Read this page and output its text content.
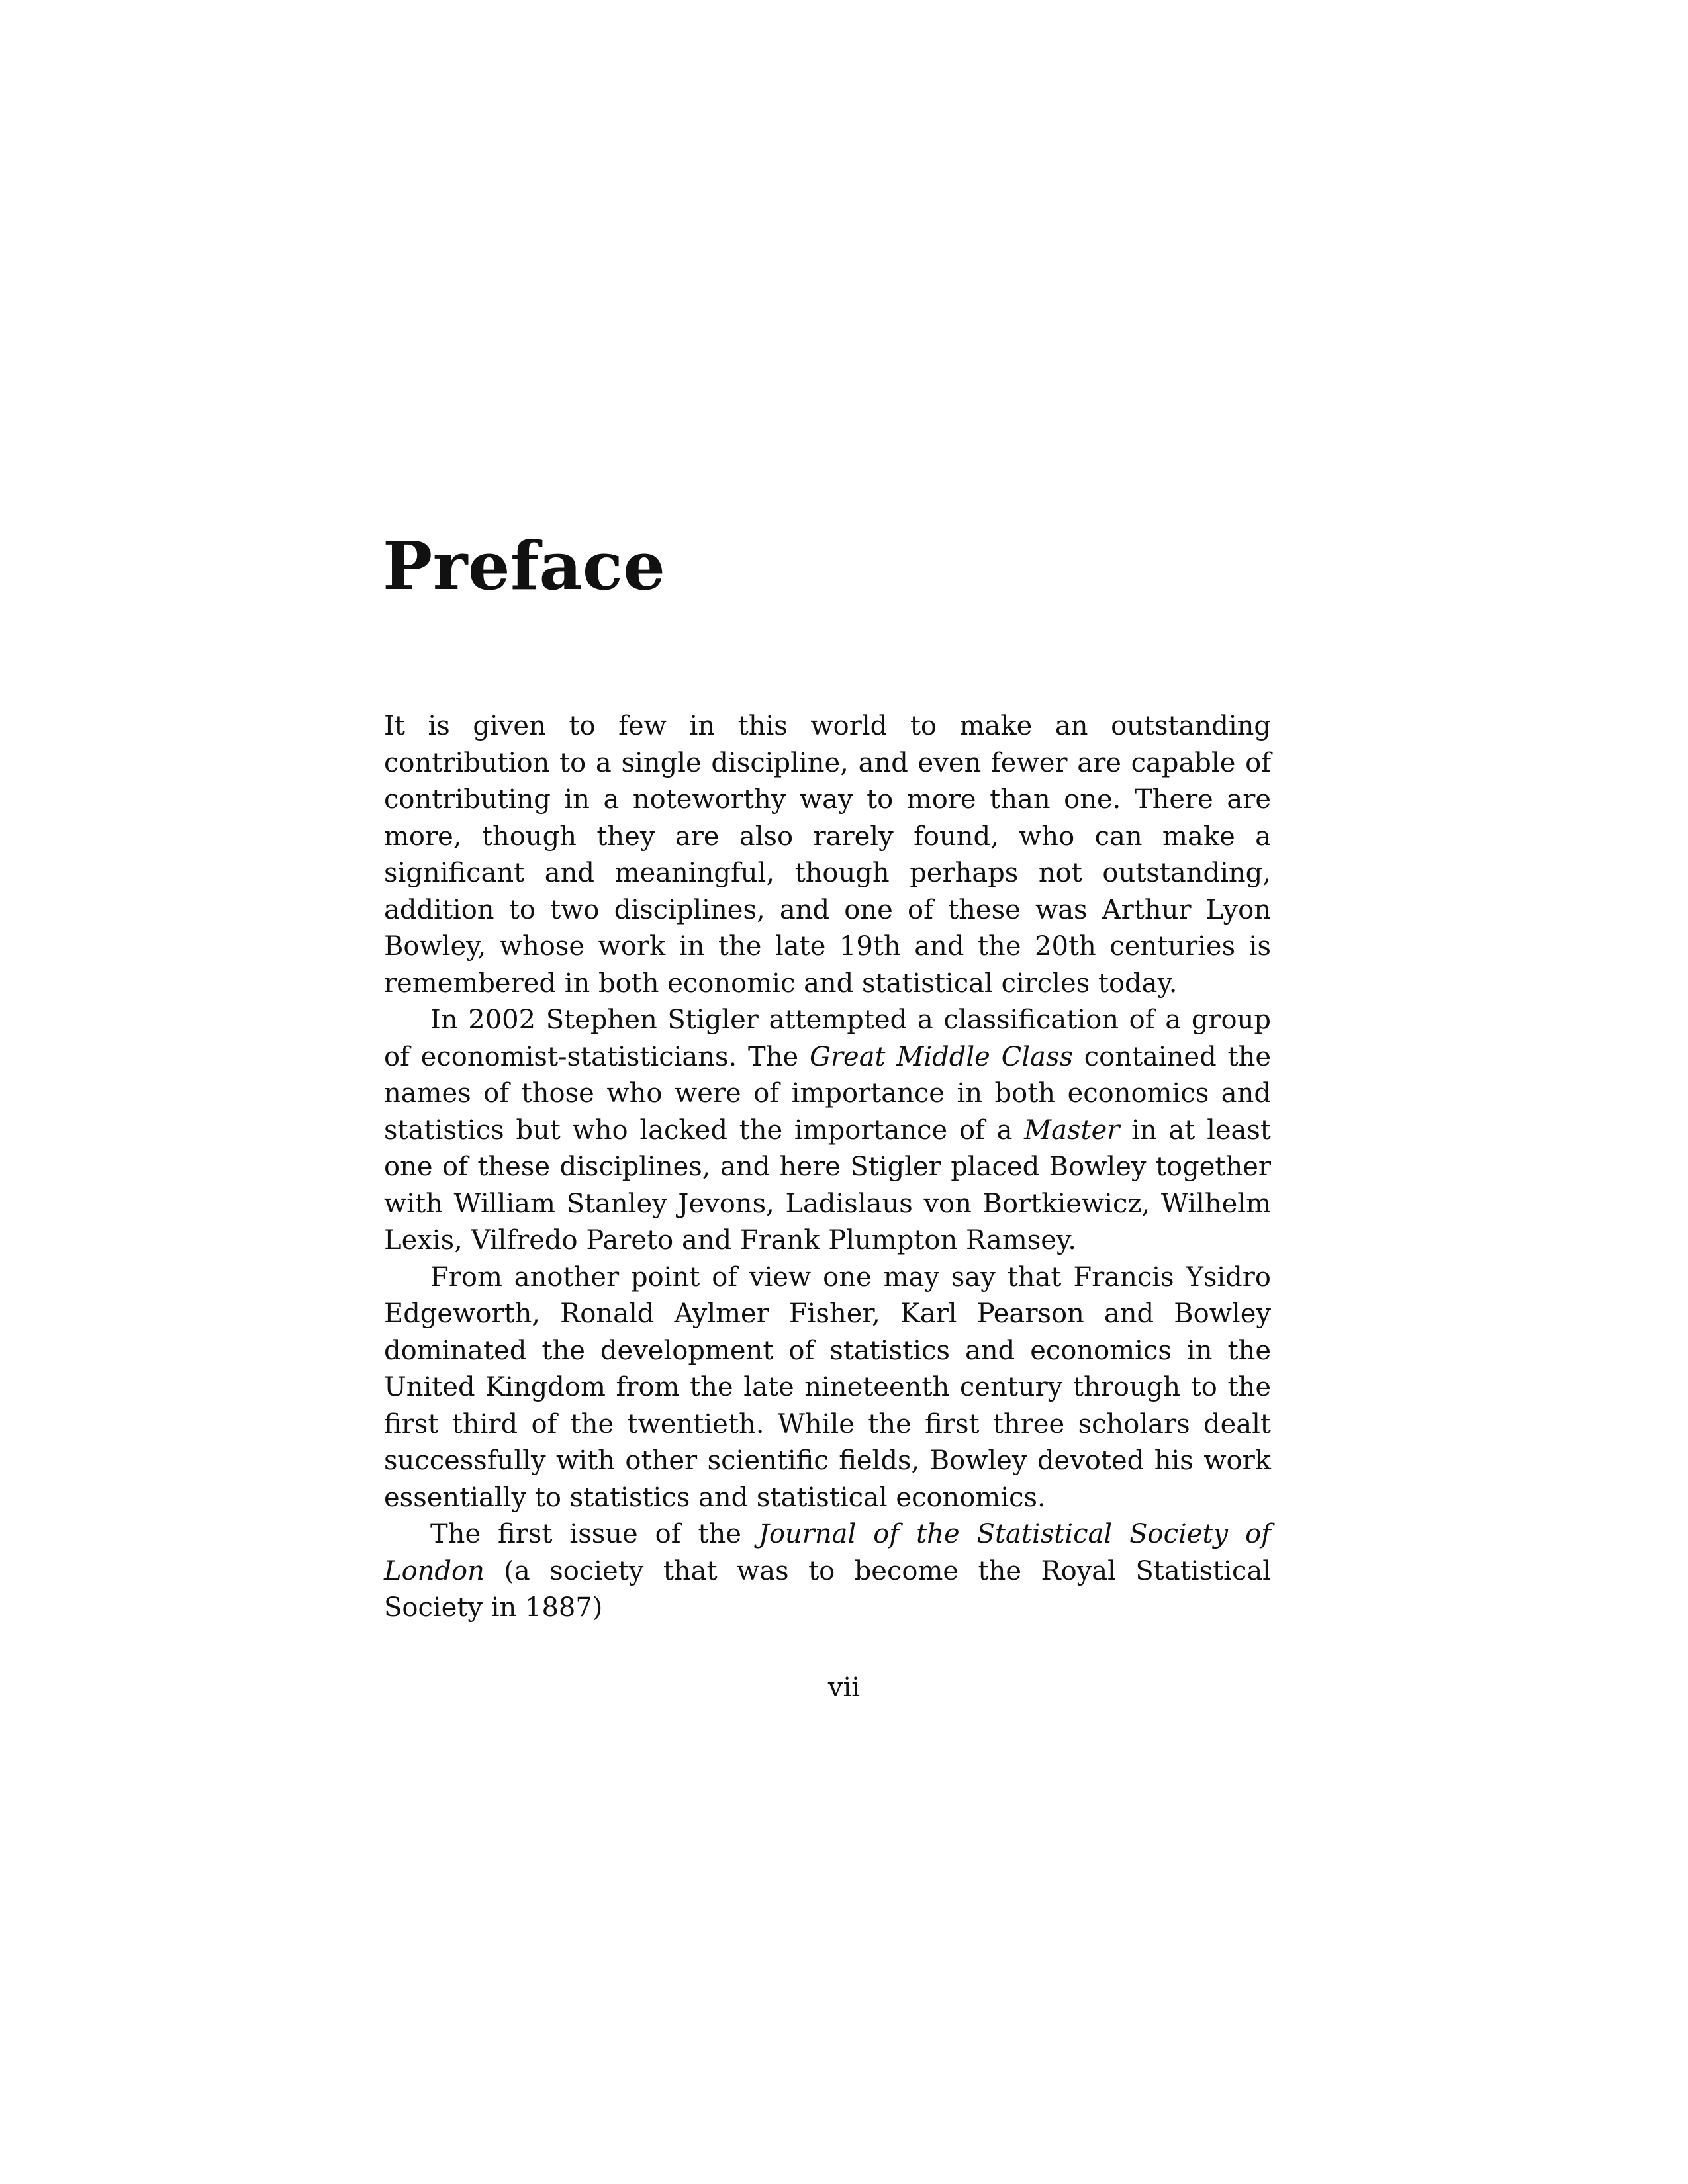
Preface

It is given to few in this world to make an outstanding contribution to a single discipline, and even fewer are capable of contributing in a noteworthy way to more than one. There are more, though they are also rarely found, who can make a significant and meaningful, though perhaps not outstanding, addition to two disciplines, and one of these was Arthur Lyon Bowley, whose work in the late 19th and the 20th centuries is remembered in both economic and statistical circles today.

In 2002 Stephen Stigler attempted a classification of a group of economist-statisticians. The Great Middle Class contained the names of those who were of importance in both economics and statistics but who lacked the importance of a Master in at least one of these disciplines, and here Stigler placed Bowley together with William Stanley Jevons, Ladislaus von Bortkiewicz, Wilhelm Lexis, Vilfredo Pareto and Frank Plumpton Ramsey.

From another point of view one may say that Francis Ysidro Edgeworth, Ronald Aylmer Fisher, Karl Pearson and Bowley dominated the development of statistics and economics in the United Kingdom from the late nineteenth century through to the first third of the twentieth. While the first three scholars dealt successfully with other scientific fields, Bowley devoted his work essentially to statistics and statistical economics.

The first issue of the Journal of the Statistical Society of London (a society that was to become the Royal Statistical Society in 1887)

vii
